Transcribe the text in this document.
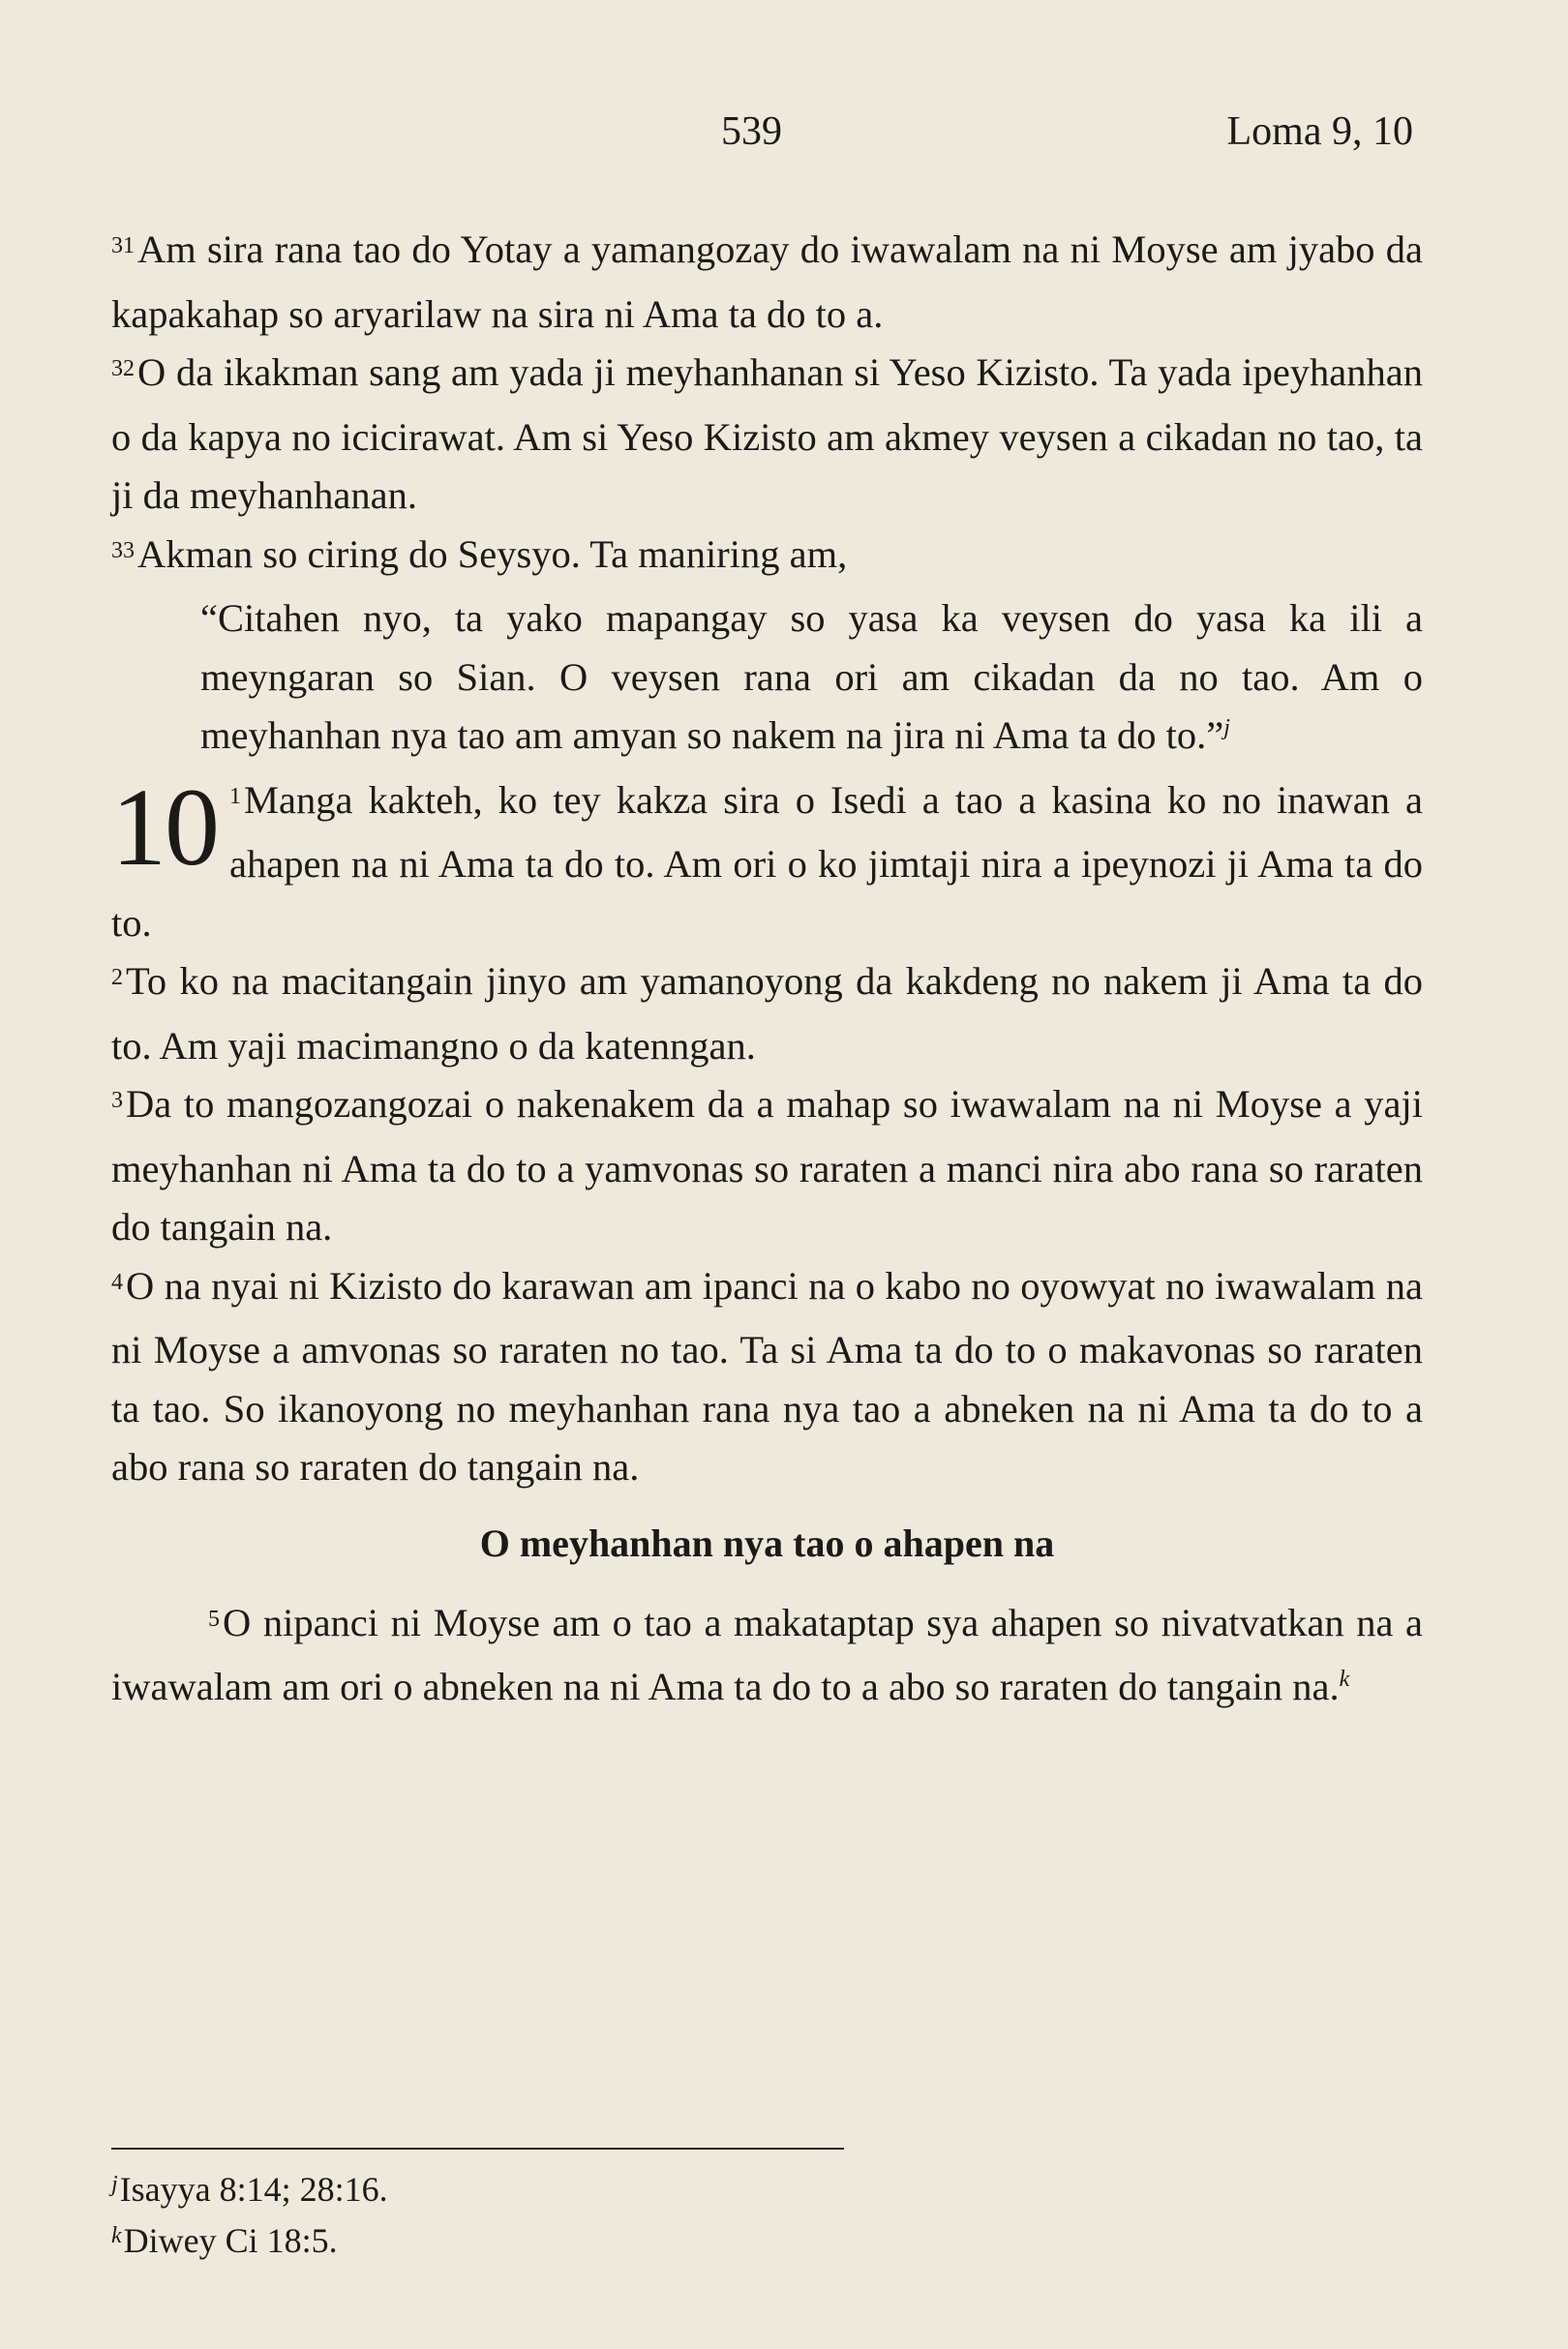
539	Loma 9, 10

$^{31}$Am sira rana tao do Yotay a yamangozay do iwawalam na ni Moyse am jyabo da kapakahap so aryarilaw na sira ni Ama ta do to a.

$^{32}$O da ikakman sang am yada ji meyhanhanan si Yeso Kizisto. Ta yada ipeyhanhan o da kapya no icicirawat. Am si Yeso Kizisto am akmey veysen a cikadan no tao, ta ji da meyhanhanan.

$^{33}$Akman so ciring do Seysyo. Ta maniring am,

“Citahen nyo, ta yako mapangay so yasa ka veysen do yasa ka ili a meyngaran so Sian. O veysen rana ori am cikadan da no tao. Am o meyhanhan nya tao am amyan so nakem na jira ni Ama ta do to.”$^j$

10 $^1$Manga kakteh, ko tey kakza sira o Isedi a tao a kasina ko no inawan a ahapen na ni Ama ta do to. Am ori o ko jimtaji nira a ipeynozi ji Ama ta do to.

$^2$To ko na macitangain jinyo am yamanoyong da kakdeng no nakem ji Ama ta do to. Am yaji macimangno o da katenngan.

$^3$Da to mangozangozai o nakenakem da a mahap so iwawalam na ni Moyse a yaji meyhanhan ni Ama ta do to a yamvonas so raraten a manci nira abo rana so raraten do tangain na.

$^4$O na nyai ni Kizisto do karawan am ipanci na o kabo no oyowyat no iwawalam na ni Moyse a amvonas so raraten no tao. Ta si Ama ta do to o makavonas so raraten ta tao. So ikanoyong no meyhanhan rana nya tao a abneken na ni Ama ta do to a abo rana so raraten do tangain na.

O meyhanhan nya tao o ahapen na

$^5$O nipanci ni Moyse am o tao a makataptap sya ahapen so nivatvatkan na a iwawalam am ori o abneken na ni Ama ta do to a abo so raraten do tangain na.$^k$

$^j$Isayya 8:14; 28:16.
$^k$Diwey Ci 18:5.
